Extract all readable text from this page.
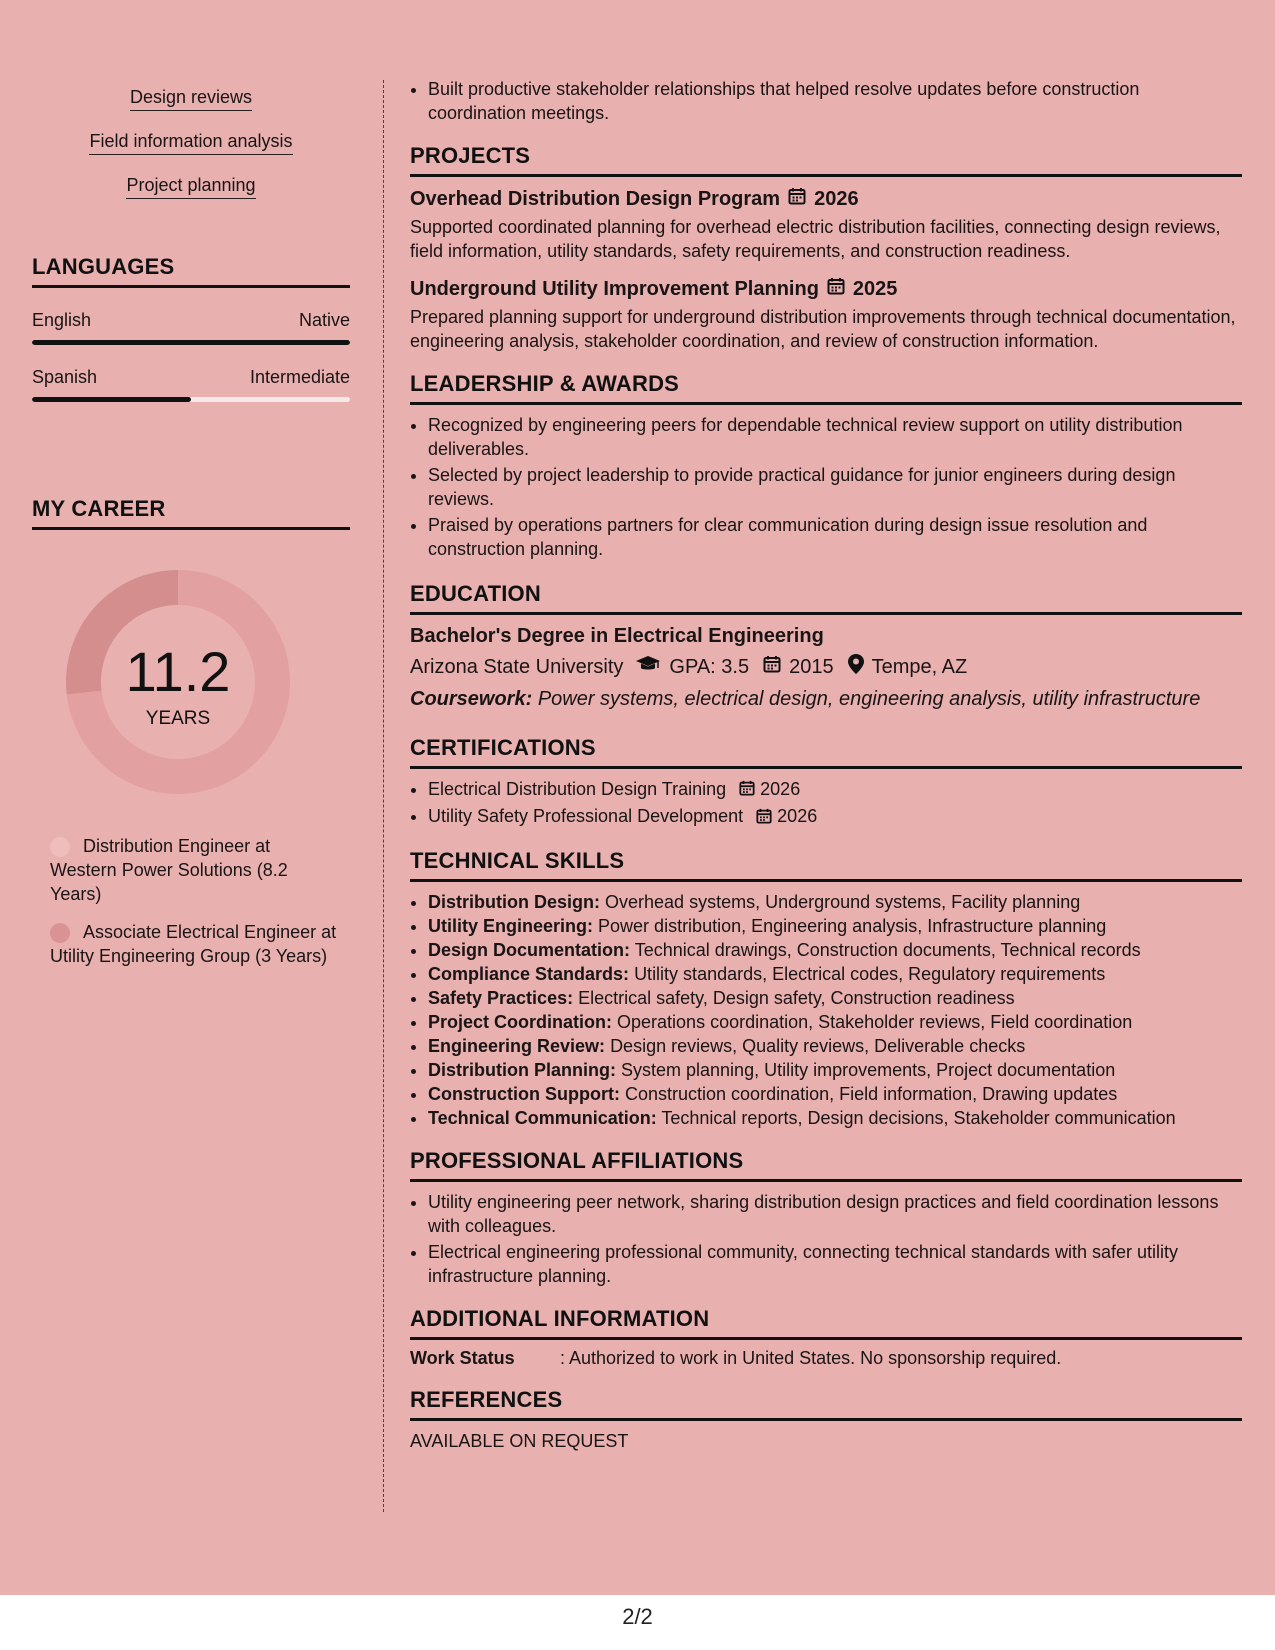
Design reviews
Field information analysis
Project planning
LANGUAGES
English	Native
Spanish	Intermediate
MY CAREER
11.2
YEARS
Distribution Engineer at Western Power Solutions (8.2 Years)
Associate Electrical Engineer at Utility Engineering Group (3 Years)
• Built productive stakeholder relationships that helped resolve updates before construction coordination meetings.
PROJECTS
Overhead Distribution Design Program 2026
Supported coordinated planning for overhead electric distribution facilities, connecting design reviews, field information, utility standards, safety requirements, and construction readiness.
Underground Utility Improvement Planning 2025
Prepared planning support for underground distribution improvements through technical documentation, engineering analysis, stakeholder coordination, and review of construction information.
LEADERSHIP & AWARDS
• Recognized by engineering peers for dependable technical review support on utility distribution deliverables.
• Selected by project leadership to provide practical guidance for junior engineers during design reviews.
• Praised by operations partners for clear communication during design issue resolution and construction planning.
EDUCATION
Bachelor's Degree in Electrical Engineering
Arizona State University GPA: 3.5 2015 Tempe, AZ
Coursework: Power systems, electrical design, engineering analysis, utility infrastructure
CERTIFICATIONS
• Electrical Distribution Design Training 2026
• Utility Safety Professional Development 2026
TECHNICAL SKILLS
• Distribution Design: Overhead systems, Underground systems, Facility planning
• Utility Engineering: Power distribution, Engineering analysis, Infrastructure planning
• Design Documentation: Technical drawings, Construction documents, Technical records
• Compliance Standards: Utility standards, Electrical codes, Regulatory requirements
• Safety Practices: Electrical safety, Design safety, Construction readiness
• Project Coordination: Operations coordination, Stakeholder reviews, Field coordination
• Engineering Review: Design reviews, Quality reviews, Deliverable checks
• Distribution Planning: System planning, Utility improvements, Project documentation
• Construction Support: Construction coordination, Field information, Drawing updates
• Technical Communication: Technical reports, Design decisions, Stakeholder communication
PROFESSIONAL AFFILIATIONS
• Utility engineering peer network, sharing distribution design practices and field coordination lessons with colleagues.
• Electrical engineering professional community, connecting technical standards with safer utility infrastructure planning.
ADDITIONAL INFORMATION
Work Status	: Authorized to work in United States. No sponsorship required.
REFERENCES
AVAILABLE ON REQUEST
2/2
